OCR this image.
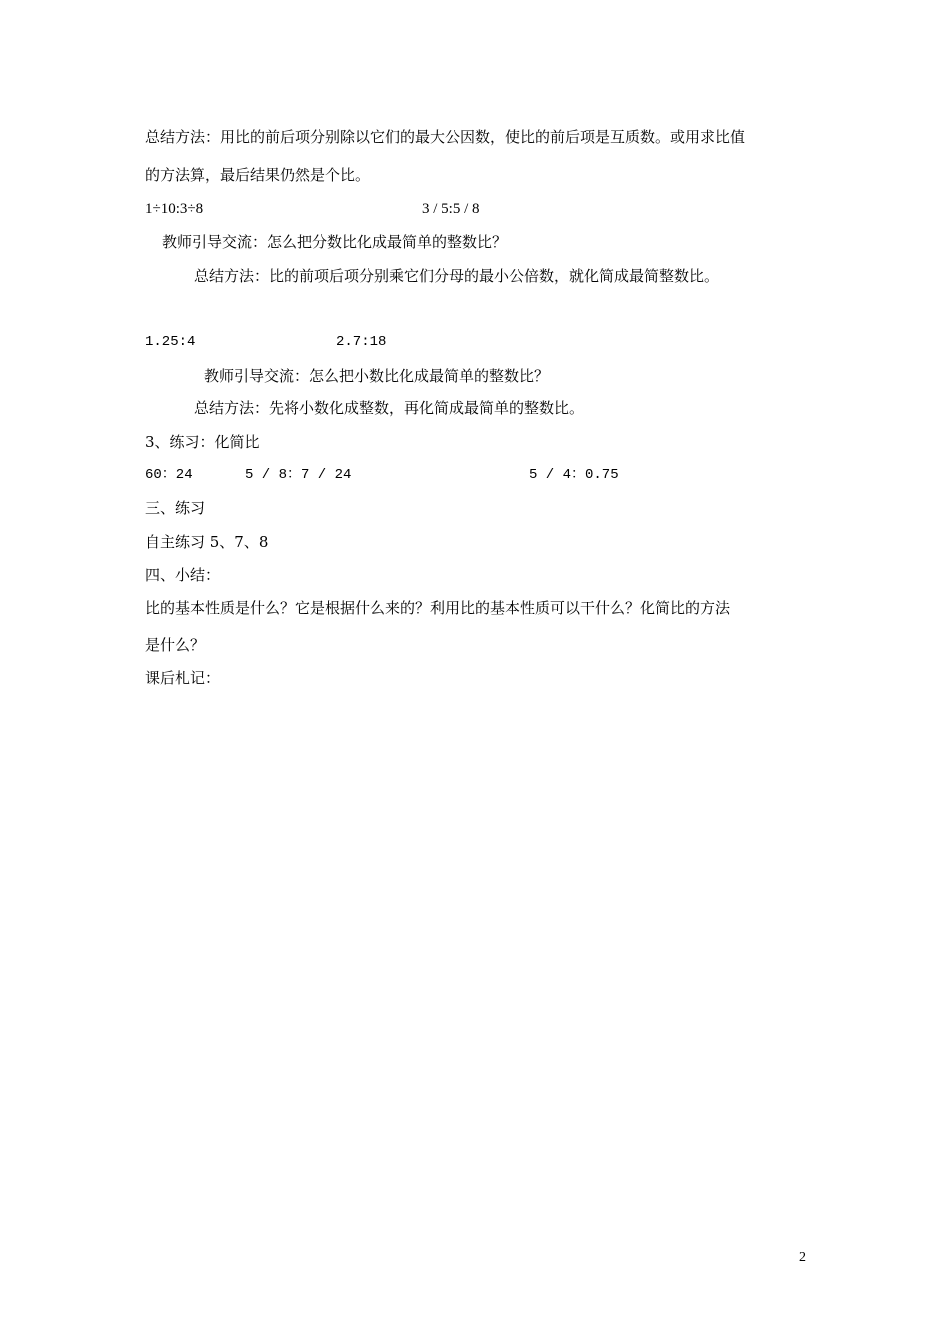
总结方法：用比的前后项分别除以它们的最大公因数，使比的前后项是互质数。或用求比值
的方法算，最后结果仍然是个比。
1÷10:3÷8	3 / 5:5 / 8
教师引导交流：怎么把分数比化成最简单的整数比？
总结方法：比的前项后项分别乘它们分母的最小公倍数，就化简成最简整数比。
1.25:4	2.7:18
教师引导交流：怎么把小数比化成最简单的整数比？
总结方法：先将小数化成整数，再化简成最简单的整数比。
3、练习：化简比
60：24	5 / 8：7 / 24	5 / 4：0.75
三、练习
自主练习 5、7、8
四、小结：
比的基本性质是什么？它是根据什么来的？利用比的基本性质可以干什么？化简比的方法
是什么？
课后札记：
2
